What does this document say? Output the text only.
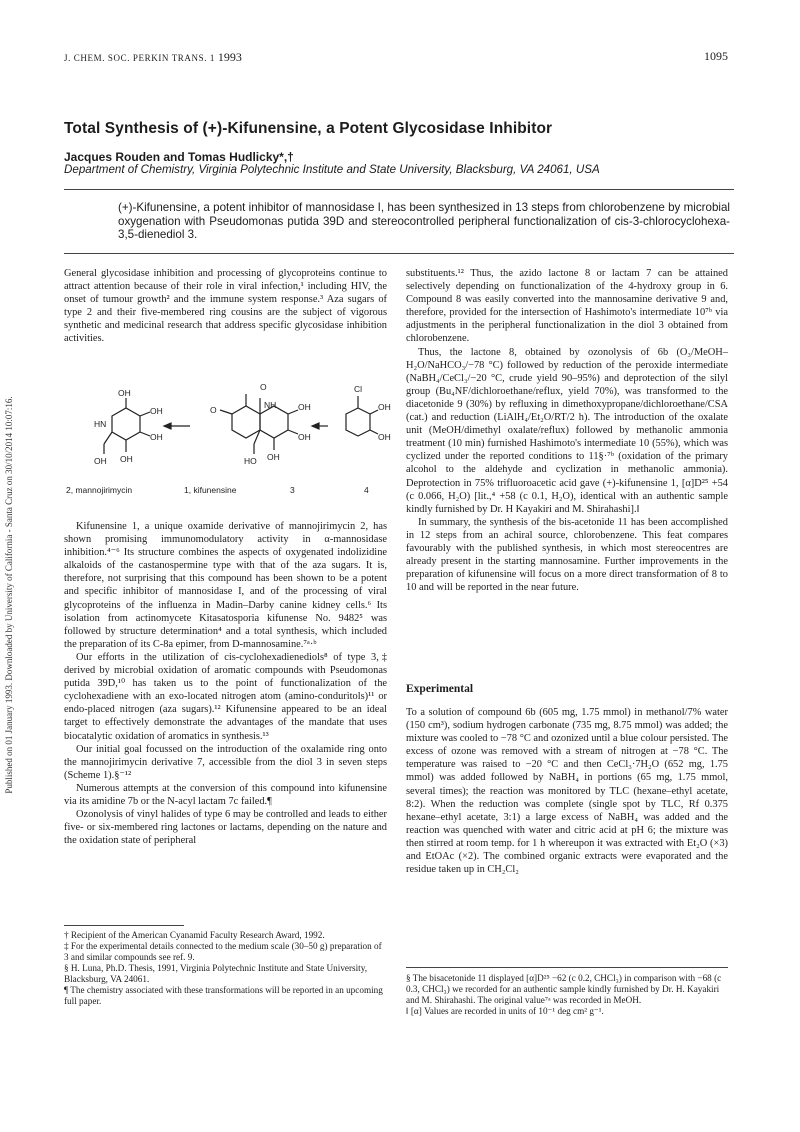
J. CHEM. SOC. PERKIN TRANS. 1 1993	1095
Total Synthesis of (+)-Kifunensine, a Potent Glycosidase Inhibitor
Jacques Rouden and Tomas Hudlicky*,†
Department of Chemistry, Virginia Polytechnic Institute and State University, Blacksburg, VA 24061, USA
(+)-Kifunensine, a potent inhibitor of mannosidase I, has been synthesized in 13 steps from chlorobenzene by microbial oxygenation with Pseudomonas putida 39D and stereocontrolled peripheral functionalization of cis-3-chlorocyclohexa-3,5-dienediol 3.
Published on 01 January 1993. Downloaded by University of California - Santa Cruz on 30/10/2014 10:07:16.

General glycosidase inhibition and processing of glycoproteins continue to attract attention because of their role in viral infection,¹ including HIV, the onset of tumour growth² and the immune system response.³ Aza sugars of type 2 and their five-membered ring cousins are the subject of vigorous synthetic and medicinal research that address specific glycosidase inhibition activities.

OH
OH
OH
HN
OH
OH
O
NH
O	OH
OH
OH
HO
Cl
OH
OH
2, mannojirimycin	1, kifunensine	3	4

Kifunensine 1, a unique oxamide derivative of mannojirimycin 2, has shown promising immunomodulatory activity in α-mannosidase inhibition.⁴⁻⁶ Its structure combines the aspects of oxygenated indolizidine alkaloids of the castanospermine type with that of the aza sugars. It is, therefore, not surprising that this compound has been shown to be a potent and specific inhibitor of mannosidase I, and of the processing of viral glycoproteins of the influenza in Madin–Darby canine kidney cells.⁶ Its isolation from actinomycete Kitasatosporia kifunense No. 9482⁵ was followed by structure determination⁴ and a total synthesis, which included the preparation of its C-8a epimer, from D-mannosamine.⁷ᵃ·ᵇ

Our efforts in the utilization of cis-cyclohexadienediols⁸ of type 3,‡ derived by microbial oxidation of aromatic compounds with Pseudomonas putida 39D,¹⁰ has taken us to the point of functionalization of the cyclohexadiene with an exo-located nitrogen atom (amino-conduritols)¹¹ or endo-placed nitrogen (aza sugars).¹² Kifunensine appeared to be an ideal target to effectively demonstrate the advantages of the mandate that uses biocatalytic oxidation of aromatics in synthesis.¹³

Our initial goal focussed on the introduction of the oxalamide ring onto the mannojirimycin derivative 7, accessible from the diol 3 in seven steps (Scheme 1).§⁻¹²

Numerous attempts at the conversion of this compound into kifunensine via its amidine 7b or the N-acyl lactam 7c failed.¶

Ozonolysis of vinyl halides of type 6 may be controlled and leads to either five- or six-membered ring lactones or lactams, depending on the nature and the oxidation state of peripheral

substituents.¹² Thus, the azido lactone 8 or lactam 7 can be attained selectively depending on functionalization of the 4-hydroxy group in 6. Compound 8 was easily converted into the mannosamine derivative 9 and, therefore, provided for the intersection of Hashimoto's intermediate 10⁷ᵇ via adjustments in the peripheral functionalization in the diol 3 obtained from chlorobenzene.

Thus, the lactone 8, obtained by ozonolysis of 6b (O₃/MeOH–H₂O/NaHCO₃/−78 °C) followed by reduction of the peroxide intermediate (NaBH₄/CeCl₃/−20 °C, crude yield 90–95%) and deprotection of the silyl group (Bu₄NF/dichloroethane/reflux, yield 70%), was transformed to the diacetonide 9 (30%) by refluxing in dimethoxypropane/dichloroethane/CSA (cat.) and reduction (LiAlH₄/Et₂O/RT/2 h). The introduction of the oxalate unit (MeOH/dimethyl oxalate/reflux) followed by methanolic ammonia treatment (10 min) furnished Hashimoto's intermediate 10 (55%), which was cyclized under the reported conditions to 11§·⁷ᵇ (oxidation of the primary alcohol to the aldehyde and cyclization in methanolic ammonia). Deprotection in 75% trifluoroacetic acid gave (+)-kifunensine 1, [α]D²⁵ +54 (c 0.066, H₂O) [lit.,⁴ +58 (c 0.1, H₂O), identical with an authentic sample kindly furnished by Dr. H Kayakiri and M. Shirahashi].‖

In summary, the synthesis of the bis-acetonide 11 has been accomplished in 12 steps from an achiral source, chlorobenzene. This feat compares favourably with the published synthesis, in which most stereocentres are already present in the starting mannosamine. Further improvements in the preparation of kifunensine will focus on a more direct transformation of 8 to 10 and will be reported in the near future.

Experimental

To a solution of compound 6b (605 mg, 1.75 mmol) in methanol/7% water (150 cm³), sodium hydrogen carbonate (735 mg, 8.75 mmol) was added; the mixture was cooled to −78 °C and ozonized until a blue colour persisted. The excess of ozone was removed with a stream of nitrogen at −78 °C. The temperature was raised to −20 °C and then CeCl₃·7H₂O (652 mg, 1.75 mmol) was added followed by NaBH₄ in portions (65 mg, 1.75 mmol, several times); the reaction was monitored by TLC (hexane–ethyl acetate, 8:2). When the reduction was complete (single spot by TLC, Rf 0.375 hexane–ethyl acetate, 3:1) a large excess of NaBH₄ was added and the reaction was quenched with water and citric acid at pH 6; the mixture was then stirred at room temp. for 1 h whereupon it was extracted with Et₂O (×3) and EtOAc (×2). The combined organic extracts were evaporated and the residue taken up in CH₂Cl₂

† Recipient of the American Cyanamid Faculty Research Award, 1992.
‡ For the experimental details connected to the medium scale (30–50 g) preparation of 3 and similar compounds see ref. 9.
§ H. Luna, Ph.D. Thesis, 1991, Virginia Polytechnic Institute and State University, Blacksburg, VA 24061.
¶ The chemistry associated with these transformations will be reported in an upcoming full paper.
§ The bisacetonide 11 displayed [α]D²⁵ −62 (c 0.2, CHCl₃) in comparison with −68 (c 0.3, CHCl₃) we recorded for an authentic sample kindly furnished by Dr. H. Kayakiri and M. Shirahashi. The original value⁷ᵃ was recorded in MeOH.
‖ [α] Values are recorded in units of 10⁻¹ deg cm² g⁻¹.
